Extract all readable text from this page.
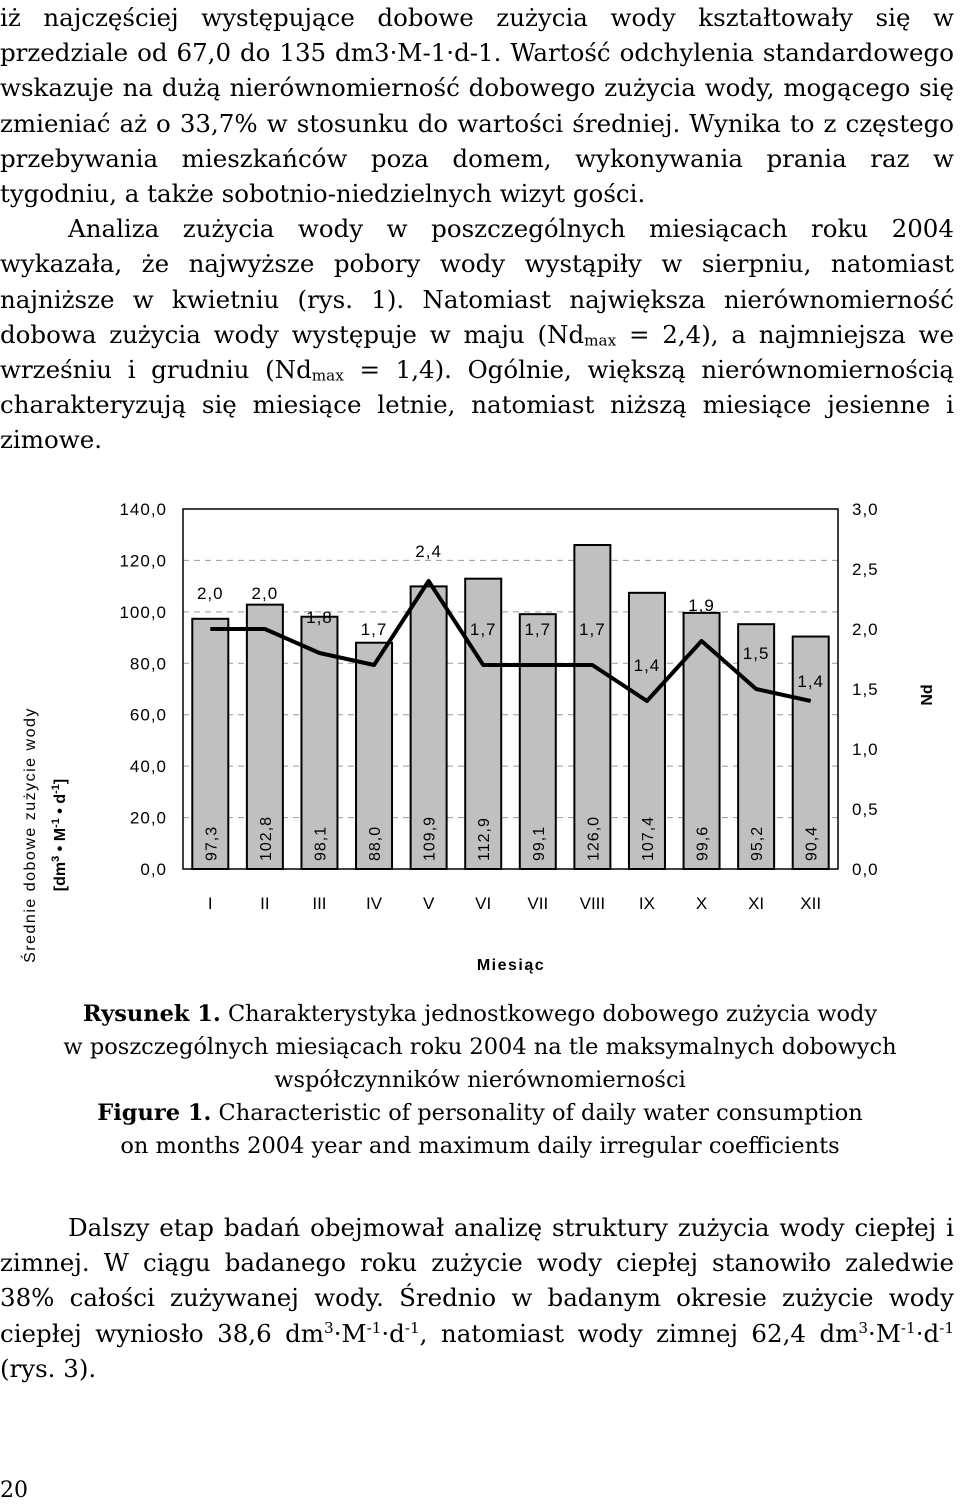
iż najczęściej występujące dobowe zużycia wody kształtowały się w przedziale od 67,0 do 135 dm3·M-1·d-1. Wartość odchylenia standardowego wskazuje na dużą nierównomierność dobowego zużycia wody, mogącego się zmieniać aż o 33,7% w stosunku do wartości średniej. Wynika to z częstego przebywania mieszkańców poza domem, wykonywania prania raz w tygodniu, a także sobotnio-niedzielnych wizyt gości.

Analiza zużycia wody w poszczególnych miesiącach roku 2004 wykazała, że najwyższe pobory wody wystąpiły w sierpniu, natomiast najniższe w kwietniu (rys. 1). Natomiast największa nierównomierność dobowa zużycia wody występuje w maju $(Nd_{max} = 2,4)$, a najmniejsza we wrześniu i grudniu $(Nd_{max} = 1,4)$. Ogólnie, większą nierównomiernością charakteryzują się miesiące letnie, natomiast niższą miesiące jesienne i zimowe.

0,0
20,0
40,0
60,0
80,0
100,0
120,0
140,0
0,0
0,5
1,0
1,5
2,0
2,5
3,0
97,3
I
102,8
II
98,1
III
88,0
IV
109,9
V
112,9
VI
99,1
VII
126,0
VIII
107,4
IX
99,6
X
95,2
XI
90,4
XII
2,0 2,0
1,8
1,7
2,4
1,7 1,7 1,7
1,4
1,9
1,5
1,4
Średnie dobowe zużycie wody [$dm^3$ • $M^{-1}$ • $d^{-1}$]
Nd
Miesiąc
Rysunek 1. Charakterystyka jednostkowego dobowego zużycia wody
w poszczególnych miesiącach roku 2004 na tle maksymalnych dobowych
współczynników nierównomierności
Figure 1. Characteristic of personality of daily water consumption
on months 2004 year and maximum daily irregular coefficients

Dalszy etap badań obejmował analizę struktury zużycia wody ciepłej i zimnej. W ciągu badanego roku zużycie wody ciepłej stanowiło zaledwie 38% całości zużywanej wody. Średnio w badanym okresie zużycie wody ciepłej wyniosło 38,6 $dm^3\cdot M^{-1}\cdot d^{-1}$, natomiast wody zimnej 62,4 $dm^3\cdot M^{-1}\cdot d^{-1}$ (rys. 3).

20
